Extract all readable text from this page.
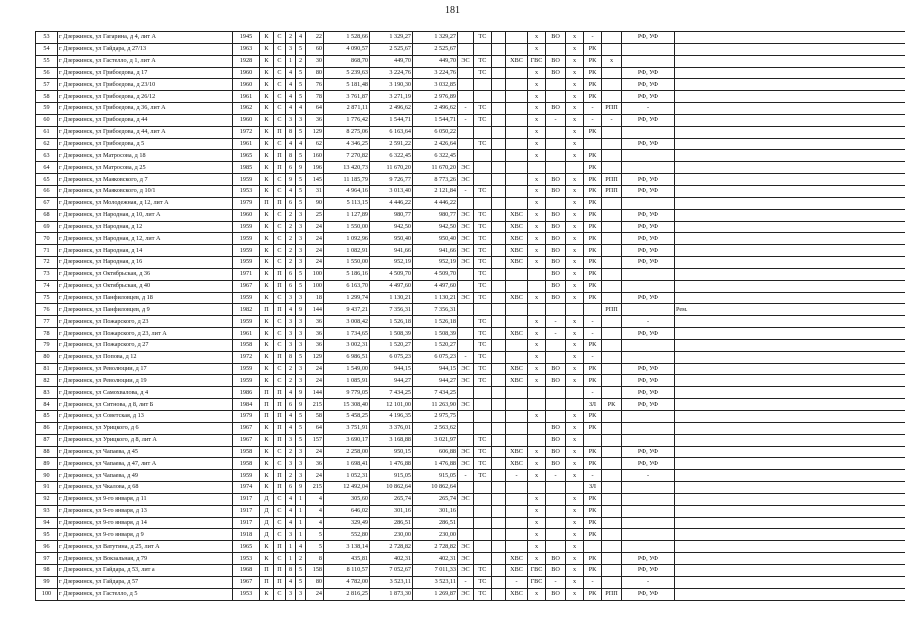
181
53	г Дзержинск, ул Гагарина, д 4, лит А	1945	К	С	2	4	22	1 528,66	1 329,27	1 329,27		ТС			х	ВО	х	-		РФ, УФ	
54	г Дзержинск, ул Гайдара, д 27/13	1963	К	С	3	5	60	4 090,57	2 525,67	2 525,67					х		х	РК			
55	г Дзержинск, ул Гастелло, д 1, лит А	1928	К	С	1	2	30	868,70	449,70	449,70	ЭС	ТС		ХВС	ГВС	ВО	х	РК	х		
56	г Дзержинск, ул Грибоедова, д 17	1960	К	С	4	5	80	5 239,63	3 224,76	3 224,76		ТС			х	ВО	х	РК		РФ, УФ	
57	г Дзержинск, ул Грибоедова, д 23/10	1960	К	С	4	5	76	5 181,48	3 190,30	3 032,85					х		х	РК		РФ, УФ	
58	г Дзержинск, ул Грибоедова, д 26/12	1961	К	С	4	5	78	3 761,87	3 271,19	2 976,89					х		х	РК		РФ, УФ	
59	г Дзержинск, ул Грибоедова, д 36, лит А	1962	К	С	4	4	64	2 871,11	2 496,62	2 496,62	-	ТС			х	ВО	х	-	РПП	-	
60	г Дзержинск, ул Грибоедова, д 44	1960	К	С	3	3	36	1 776,42	1 544,71	1 544,71	-	ТС			х	-	х	-	-	РФ, УФ	
61	г Дзержинск, ул Грибоедова, д 44, лит А	1972	К	П	8	5	129	8 275,06	6 163,64	6 050,22					х		х	РК			
62	г Дзержинск, ул Грибоедова, д 5	1961	К	С	4	4	62	4 346,25	2 591,22	2 426,64		ТС			х		х			РФ, УФ	
63	г Дзержинск, ул Матросова, д 18	1965	К	П	8	5	160	7 270,82	6 322,45	6 322,45					х		х	РК			
64	г Дзержинск, ул Матросова, д 25	1985	К	П	6	9	196	13 420,73	11 670,20	11 670,20	ЭС							РК			
65	г Дзержинск, ул Маяковского, д 7	1959	К	С	9	5	145	11 185,79	9 726,77	8 773,26	ЭС				х	ВО	х	РК	РПП	РФ, УФ	
66	г Дзержинск, ул Маяковского, д 10/1	1953	К	С	4	5	31	4 964,16	3 013,40	2 121,84	-	ТС			х	ВО	х	РК	РПП	РФ, УФ	
67	г Дзержинск, ул Молодежная, д 12, лит А	1979	П	П	6	5	90	5 113,15	4 446,22	4 446,22					х		х	РК			
68	г Дзержинск, ул Народная, д 10, лит А	1960	К	С	2	3	25	1 127,89	980,77	980,77	ЭС	ТС		ХВС	х	ВО	х	РК		РФ, УФ	
69	г Дзержинск, ул Народная, д 12	1959	К	С	2	3	24	1 550,00	942,50	942,50	ЭС	ТС		ХВС	х	ВО	х	РК		РФ, УФ	
70	г Дзержинск, ул Народная, д 12, лит А	1959	К	С	2	3	24	1 092,96	950,40	950,40	ЭС	ТС		ХВС	х	ВО	х	РК		РФ, УФ	
71	г Дзержинск, ул Народная, д 14	1959	К	С	2	3	24	1 082,91	941,66	941,66	ЭС	ТС		ХВС	х	ВО	х	РК		РФ, УФ	
72	г Дзержинск, ул Народная, д 16	1959	К	С	2	3	24	1 550,00	952,19	952,19	ЭС	ТС		ХВС	х	ВО	х	РК		РФ, УФ	
73	г Дзержинск, ул Октябрьская, д 36	1971	К	П	6	5	100	5 186,16	4 509,70	4 509,70		ТС				ВО	х	РК			
74	г Дзержинск, ул Октябрьская, д 40	1967	К	П	6	5	100	6 163,70	4 497,60	4 497,60		ТС				ВО	х	РК			
75	г Дзержинск, ул Панфиловцев, д 18	1959	К	С	3	3	18	1 299,74	1 130,21	1 130,21	ЭС	ТС		ХВС	х	ВО	х	РК		РФ, УФ	
76	г Дзержинск, ул Панфиловцев, д 9	1982	П	П	4	9	144	9 437,21	7 356,31	7 356,31									РПП		Рем.
77	г Дзержинск, ул Пожарского, д 23	1959	К	С	3	3	36	3 008,42	1 526,18	1 526,18		ТС			х	-	х	-		-	
78	г Дзержинск, ул Пожарского, д 23, лит А	1961	К	С	3	3	36	1 734,65	1 508,39	1 508,39		ТС		ХВС	х	-	х	-		РФ, УФ	
79	г Дзержинск, ул Пожарского, д 27	1958	К	С	3	3	36	3 002,31	1 520,27	1 520,27		ТС			х		х	РК			
80	г Дзержинск, ул Попова, д 12	1972	К	П	8	5	129	6 986,51	6 075,23	6 075,23	-	ТС			х		х	-			
81	г Дзержинск, ул Революции, д 17	1959	К	С	2	3	24	1 549,00	944,15	944,15	ЭС	ТС		ХВС	х	ВО	х	РК		РФ, УФ	
82	г Дзержинск, ул Революции, д 19	1959	К	С	2	3	24	1 085,91	944,27	944,27	ЭС	ТС		ХВС	х	ВО	х	РК		РФ, УФ	
83	г Дзержинск, ул Самохвалова, д 4	1986	П	П	4	9	144	9 779,05	7 434,25	7 434,25								-		РФ, УФ	
84	г Дзержинск, ул Ситнова, д 8, лит Б	1984	П	П	6	9	215	15 308,40	12 101,00	11 263,90	ЭС							ЗЛ	РК	РФ, УФ	
85	г Дзержинск, ул Советская, д 13	1979	П	П	4	5	58	5 458,25	4 196,35	2 975,75					х		х	РК			
86	г Дзержинск, ул Урицкого, д 6	1967	К	П	4	5	64	3 751,91	3 376,01	2 563,62						ВО	х	РК			
87	г Дзержинск, ул Урицкого, д 8, лит А	1967	К	П	3	5	157	3 690,17	3 168,88	3 021,97		ТС				ВО	х				
88	г Дзержинск, ул Чапаева, д 45	1958	К	С	2	3	24	2 258,00	950,15	606,88	ЭС	ТС		ХВС	х	ВО	х	РК		РФ, УФ	
89	г Дзержинск, ул Чапаева, д 47, лит А	1958	К	С	3	3	36	1 698,41	1 476,88	1 476,88	ЭС	ТС		ХВС	х	ВО	х	РК		РФ, УФ	
90	г Дзержинск, ул Чапаева, д 49	1959	К	П	2	3	24	1 052,31	915,05	915,05	-	ТС		-	х	-	х	-		-	
91	г Дзержинск, ул Чкалова, д 68	1974	К	П	6	9	215	12 492,04	10 862,64	10 862,64								ЗЛ			
92	г Дзержинск, ул 9-го января, д 11	1917	Д	С	4	1	4	305,60	265,74	265,74	ЭС				х		х	РК			
93	г Дзержинск, ул 9-го января, д 13	1917	Д	С	4	1	4	646,02	301,16	301,16					х		х	РК			
94	г Дзержинск, ул 9-го января, д 14	1917	Д	С	4	1	4	329,49	286,51	286,51					х		х	РК			
95	г Дзержинск, ул 9-го января, д 9	1918	Д	С	3	1	5	552,80	230,00	230,00					х		х	РК			
96	г Дзержинск, ул Ватутина, д 25, лит А	1965	К	П	1	4	5	3 138,14	2 728,82	2 728,82	ЭС				х		х				
97	г Дзержинск, ул Вокзальная, д 79	1953	К	С	1	2	8	435,81	402,31	402,31	ЭС			ХВС	х	ВО	х	РК		РФ, УФ	
98	г Дзержинск, ул Гайдара, д 53, лит а	1968	П	П	8	5	158	8 110,57	7 052,67	7 011,33	ЭС	ТС		ХВС	ГВС	ВО	х	РК		РФ, УФ	
99	г Дзержинск, ул Гайдара, д 57	1967	П	П	4	5	80	4 782,00	3 523,11	3 523,11	-	ТС		-	ГВС	-	х	-		-	
100	г Дзержинск, ул Гастелло, д 5	1953	К	С	3	3	24	2 816,25	1 873,30	1 269,87	ЭС	ТС		ХВС	х	ВО	х	РК	РПП	РФ, УФ	
